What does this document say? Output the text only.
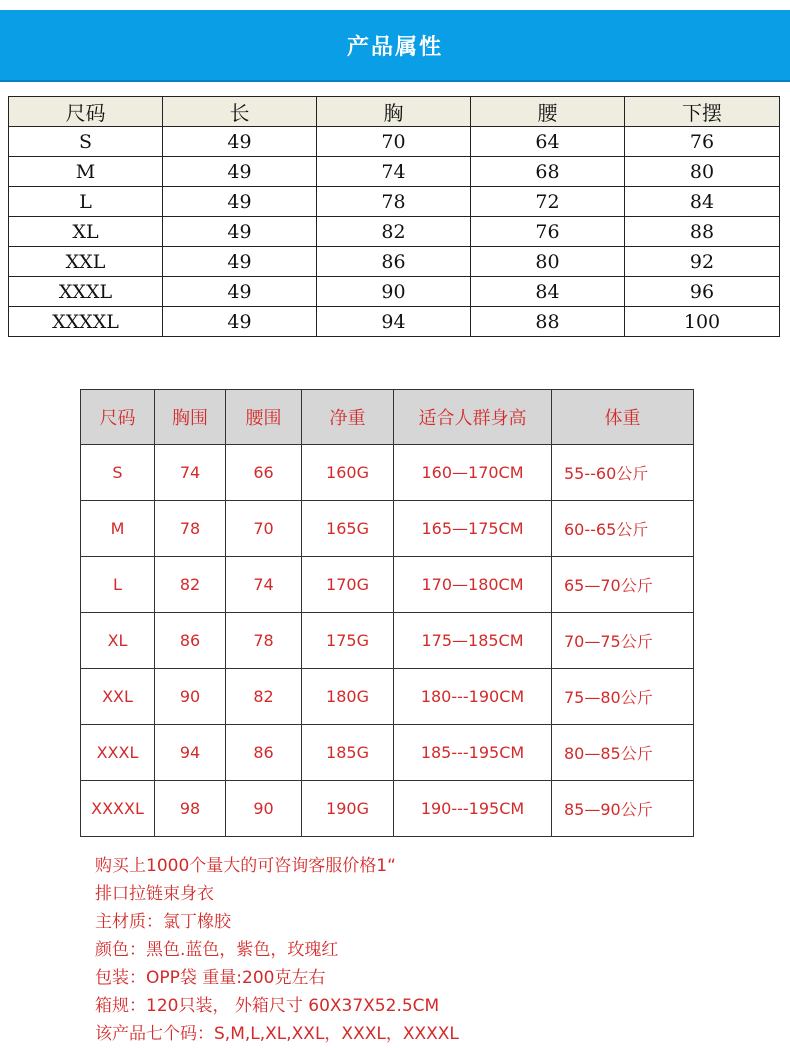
产品属性
尺码	长	胸	腰	下摆
S	49	70	64	76
M	49	74	68	80
L	49	78	72	84
XL	49	82	76	88
XXL	49	86	80	92
XXXL	49	90	84	96
XXXXL	49	94	88	100
尺码	胸围	腰围	净重	适合人群身高	体重
S	74	66	160G	160—170CM	55--60公斤
M	78	70	165G	165—175CM	60--65公斤
L	82	74	170G	170—180CM	65—70公斤
XL	86	78	175G	175—185CM	70—75公斤
XXL	90	82	180G	180---190CM	75—80公斤
XXXL	94	86	185G	185---195CM	80—85公斤
XXXXL	98	90	190G	190---195CM	85—90公斤
购买上1000个量大的可咨询客服价格1“
排口拉链束身衣
主材质：氯丁橡胶
颜色：黑色.蓝色，紫色，玫瑰红
包装：OPP袋 重量:200克左右
箱规：120只装， 外箱尺寸 60X37X52.5CM
该产品七个码：S,M,L,XL,XXL，XXXL，XXXXL
